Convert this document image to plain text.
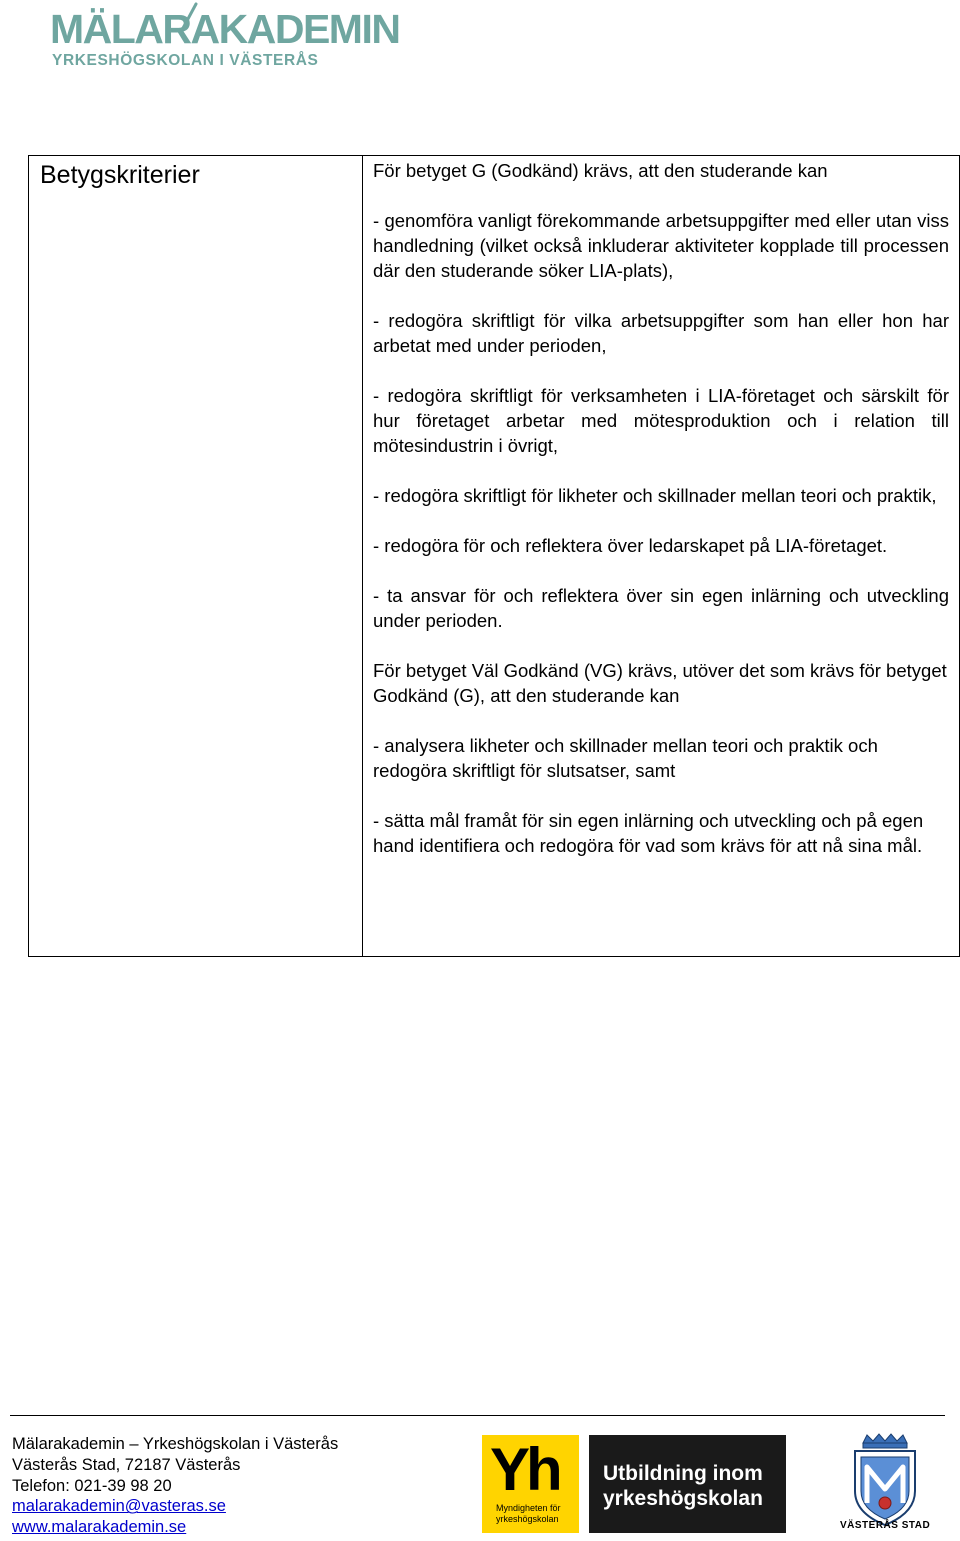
MÄLARAKADEMIN
YRKESHÖGSKOLAN I VÄSTERÅS
Betygskriterier	För betyget G (Godkänd) krävs, att den studerande kan

- genomföra vanligt förekommande arbetsuppgifter med eller utan viss handledning (vilket också inkluderar aktiviteter kopplade till processen där den studerande söker LIA-plats),

- redogöra skriftligt för vilka arbetsuppgifter som han eller hon har arbetat med under perioden,

- redogöra skriftligt för verksamheten i LIA-företaget och särskilt för hur företaget arbetar med mötesproduktion och i relation till mötesindustrin i övrigt,

- redogöra skriftligt för likheter och skillnader mellan teori och praktik,

- redogöra för och reflektera över ledarskapet på LIA-företaget.

- ta ansvar för och reflektera över sin egen inlärning och utveckling under perioden.

För betyget Väl Godkänd (VG) krävs, utöver det som krävs för betyget Godkänd (G), att den studerande kan

- analysera likheter och skillnader mellan teori och praktik och redogöra skriftligt för slutsatser, samt

- sätta mål framåt för sin egen inlärning och utveckling och på egen hand identifiera och redogöra för vad som krävs för att nå sina mål.

Mälarakademin – Yrkeshögskolan i Västerås
Västerås Stad, 72187 Västerås
Telefon: 021-39 98 20
malarakademin@vasteras.se
www.malarakademin.se
Yh
Myndigheten för
yrkeshögskolan
Utbildning inom
yrkeshögskolan
VÄSTERÅS STAD
